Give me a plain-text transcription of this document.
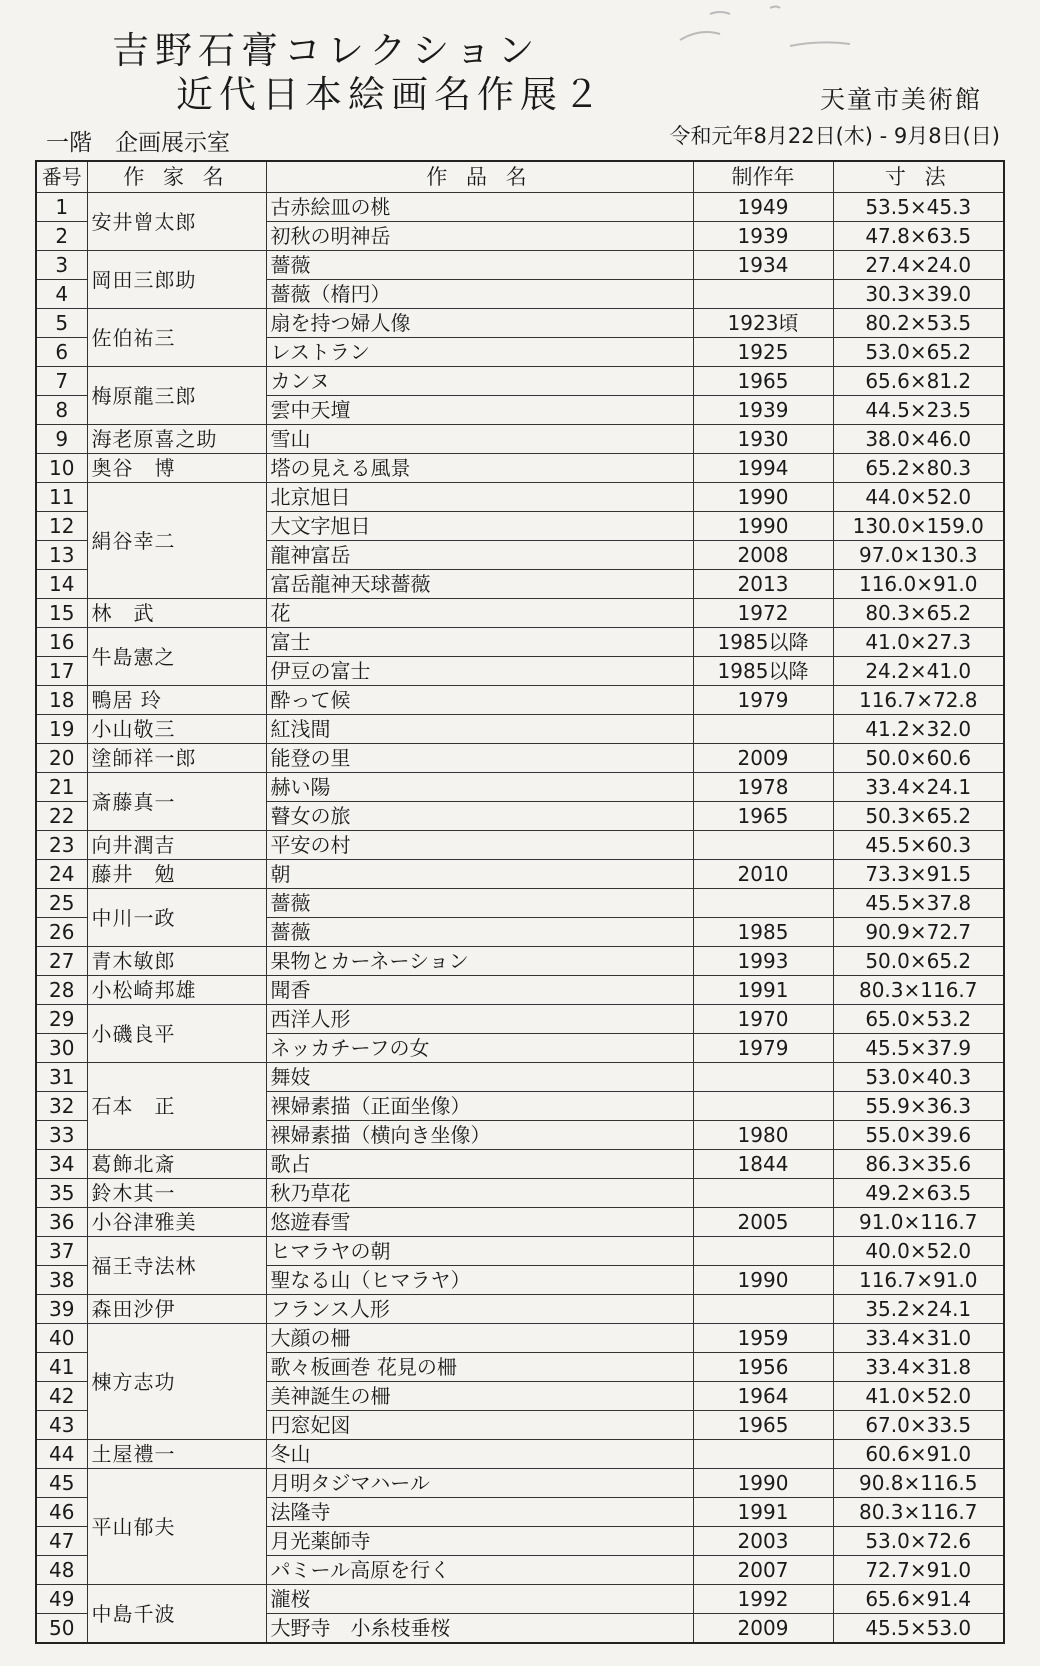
吉野石膏コレクション
近代日本絵画名作展２	天童市美術館
一階　企画展示室	令和元年8月22日(木) - 9月8日(日)
番号	作 家 名	作 品 名	制作年	寸 法
1	安井曾太郎	古赤絵皿の桃	1949	53.5×45.3
2		初秋の明神岳	1939	47.8×63.5
3	岡田三郎助	薔薇	1934	27.4×24.0
4		薔薇（楕円）		30.3×39.0
5	佐伯祐三	扇を持つ婦人像	1923頃	80.2×53.5
6		レストラン	1925	53.0×65.2
7	梅原龍三郎	カンヌ	1965	65.6×81.2
8		雲中天壇	1939	44.5×23.5
9	海老原喜之助	雪山	1930	38.0×46.0
10	奥谷　博	塔の見える風景	1994	65.2×80.3
11	絹谷幸二	北京旭日	1990	44.0×52.0
12		大文字旭日	1990	130.0×159.0
13		龍神富岳	2008	97.0×130.3
14		富岳龍神天球薔薇	2013	116.0×91.0
15	林　武	花	1972	80.3×65.2
16	牛島憲之	富士	1985以降	41.0×27.3
17		伊豆の富士	1985以降	24.2×41.0
18	鴨居 玲	酔って候	1979	116.7×72.8
19	小山敬三	紅浅間		41.2×32.0
20	塗師祥一郎	能登の里	2009	50.0×60.6
21	斎藤真一	赫い陽	1978	33.4×24.1
22		瞽女の旅	1965	50.3×65.2
23	向井潤吉	平安の村		45.5×60.3
24	藤井　勉	朝	2010	73.3×91.5
25	中川一政	薔薇		45.5×37.8
26		薔薇	1985	90.9×72.7
27	青木敏郎	果物とカーネーション	1993	50.0×65.2
28	小松崎邦雄	聞香	1991	80.3×116.7
29	小磯良平	西洋人形	1970	65.0×53.2
30		ネッカチーフの女	1979	45.5×37.9
31	石本　正	舞妓		53.0×40.3
32		裸婦素描（正面坐像）		55.9×36.3
33		裸婦素描（横向き坐像）	1980	55.0×39.6
34	葛飾北斎	歌占	1844	86.3×35.6
35	鈴木其一	秋乃草花		49.2×63.5
36	小谷津雅美	悠遊春雪	2005	91.0×116.7
37	福王寺法林	ヒマラヤの朝		40.0×52.0
38		聖なる山（ヒマラヤ）	1990	116.7×91.0
39	森田沙伊	フランス人形		35.2×24.1
40	棟方志功	大顔の柵	1959	33.4×31.0
41		歌々板画巻 花見の柵	1956	33.4×31.8
42		美神誕生の柵	1964	41.0×52.0
43		円窓妃図	1965	67.0×33.5
44	土屋禮一	冬山		60.6×91.0
45	平山郁夫	月明タジマハール	1990	90.8×116.5
46		法隆寺	1991	80.3×116.7
47		月光薬師寺	2003	53.0×72.6
48		パミール高原を行く	2007	72.7×91.0
49	中島千波	瀧桜	1992	65.6×91.4
50		大野寺　小糸枝垂桜	2009	45.5×53.0
